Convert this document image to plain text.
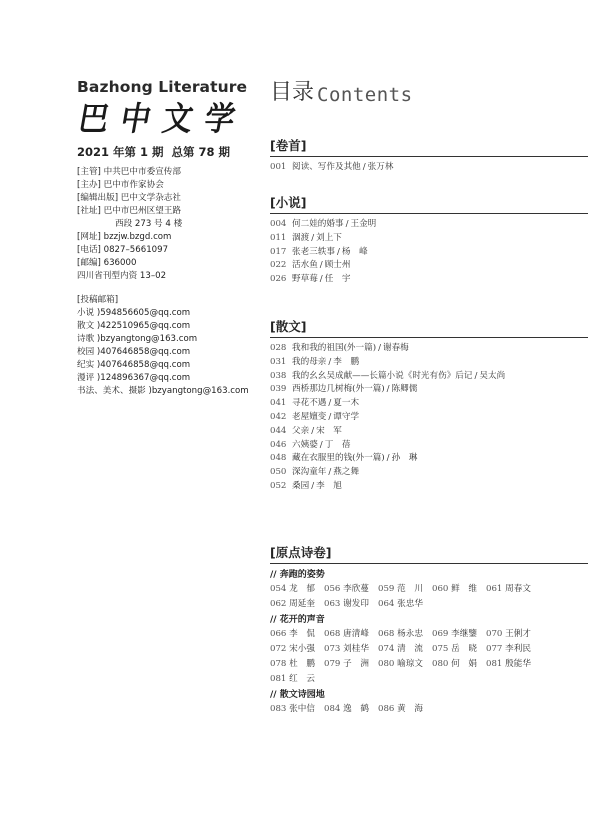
Bazhong Literature
巴 中 文 学
2021 年第 1 期 总第 78 期
[主管] 中共巴中市委宣传部
[主办] 巴中市作家协会
[编辑出版] 巴中文学杂志社
[社址] 巴中市巴州区望王路
西段 273 号 4 楼
[网址] bzzjw.bzgd.com
[电话] 0827–5661097
[邮编] 636000
四川省刊型内资 13–02
[投稿邮箱]
小说 )594856605@qq.com
散文 )422510965@qq.com
诗歌 )bzyangtong@163.com
校园 )407646858@qq.com
纪实 )407646858@qq.com
漫评 )124896367@qq.com
书法、美术、摄影 )bzyangtong@163.com
目录 Contents
[卷首]
001 阅读、写作及其他 / 张万林
[小说]
004 何二娃的婚事 / 王金明
011 涸渡 / 刘上下
017 张老三轶事 / 杨　峰
022 活水鱼 / 顾士州
026 野草莓 / 任　宇
[散文]
028 我和我的祖国(外一篇) / 谢春梅
031 我的母亲 / 李　鹏
038 我的幺幺吴成献——长篇小说《时光有伤》后记 / 吴太尚
039 西桥那边几树梅(外一篇) / 陈卿儒
041 寻花不遇 / 夏一木
042 老屋嬗变 / 谭守学
044 父亲 / 宋　军
046 六姨婆 / 丁　蓓
048 藏在衣服里的钱(外一篇) / 孙　琳
050 深沟童年 / 燕之舞
052 桑园 / 李　旭
[原点诗卷]
// 奔跑的姿势
054 龙　郁 056 李欣蔓 059 范　川 060 鲜　维 061 周春文
062 周延奎 063 谢发印 064 张忠华
// 花开的声音
066 李　侃 068 唐清峰 068 杨永忠 069 李继鑒 070 王俐才
072 宋小强 073 刘桂华 074 清　流 075 岳　晓 077 李利民
078 杜　鹏 079 子　洲 080 喻琼文 080 何　娟 081 殷能华
081 红　云
// 散文诗园地
083 张中信 084 逸　鹤 086 黄　海
